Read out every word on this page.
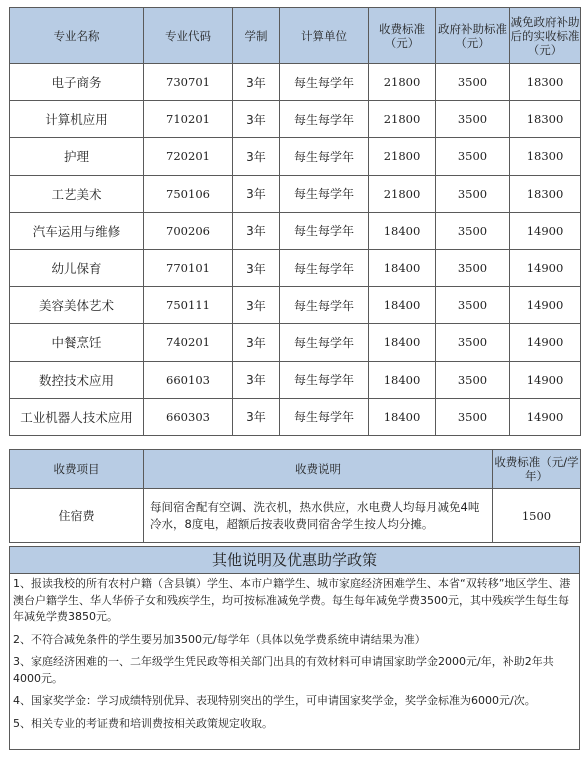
专业名称	专业代码	学制	计算单位	收费标准（元）	政府补助标准（元）	减免政府补助后的实收标准（元）
电子商务	730701	3年	每生每学年	21800	3500	18300
计算机应用	710201	3年	每生每学年	21800	3500	18300
护理	720201	3年	每生每学年	21800	3500	18300
工艺美术	750106	3年	每生每学年	21800	3500	18300
汽车运用与维修	700206	3年	每生每学年	18400	3500	14900
幼儿保育	770101	3年	每生每学年	18400	3500	14900
美容美体艺术	750111	3年	每生每学年	18400	3500	14900
中餐烹饪	740201	3年	每生每学年	18400	3500	14900
数控技术应用	660103	3年	每生每学年	18400	3500	14900
工业机器人技术应用	660303	3年	每生每学年	18400	3500	14900
收费项目	收费说明	收费标准（元/学年）
住宿费	每间宿舍配有空调、洗衣机，热水供应，水电费人均每月减免4吨冷水，8度电，超额后按表收费同宿舍学生按人均分摊。	1500
其他说明及优惠助学政策

1、报读我校的所有农村户籍（含县镇）学生、本市户籍学生、城市家庭经济困难学生、本省“双转移”地区学生、港澳台户籍学生、华人华侨子女和残疾学生，均可按标准减免学费。每生每年减免学费3500元，其中残疾学生每生每年减免学费3850元。

2、不符合减免条件的学生要另加3500元/每学年（具体以免学费系统申请结果为准）

3、家庭经济困难的一、二年级学生凭民政等相关部门出具的有效材料可申请国家助学金2000元/年，补助2年共4000元。

4、国家奖学金：学习成绩特别优异、表现特别突出的学生，可申请国家奖学金，奖学金标准为6000元/次。

5、相关专业的考证费和培训费按相关政策规定收取。
